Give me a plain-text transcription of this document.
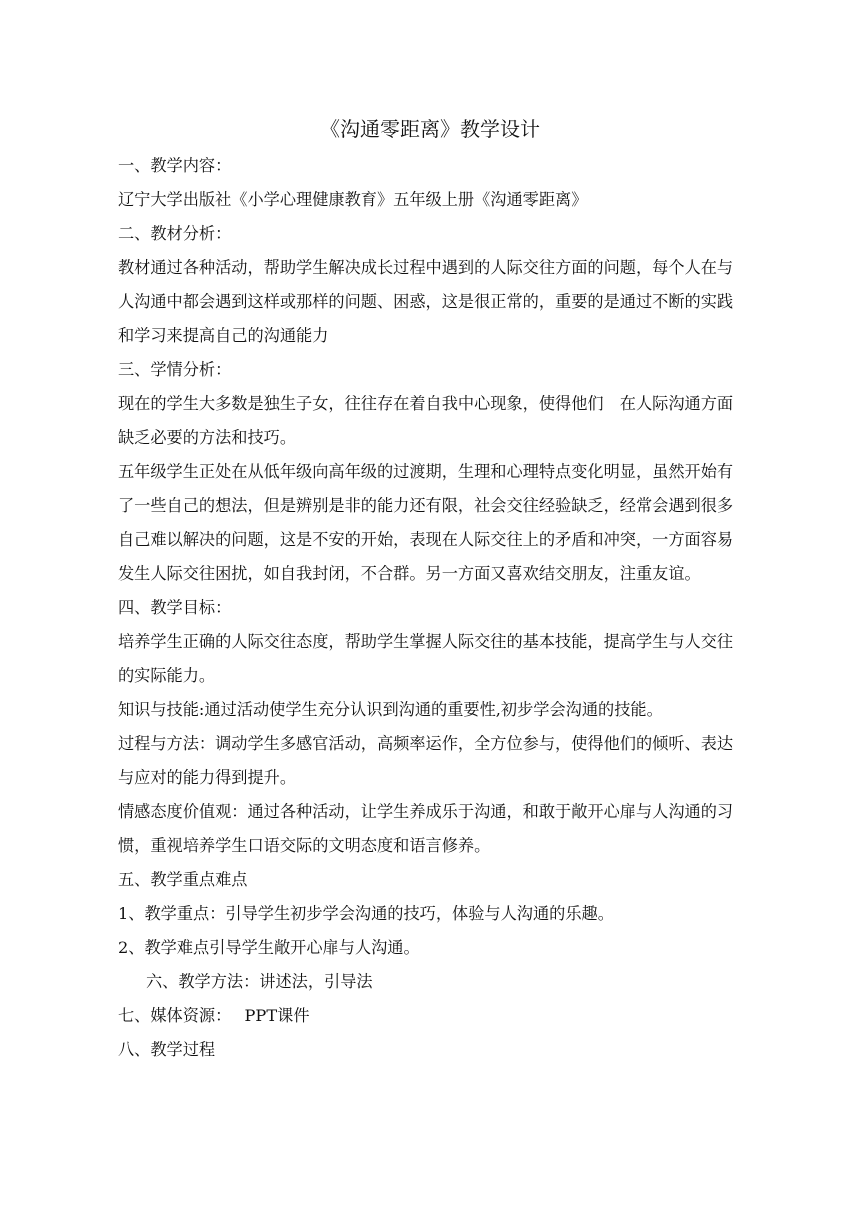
《沟通零距离》教学设计

一、教学内容：

辽宁大学出版社《小学心理健康教育》五年级上册《沟通零距离》

二、教材分析：

教材通过各种活动，帮助学生解决成长过程中遇到的人际交往方面的问题，每个人在与人沟通中都会遇到这样或那样的问题、困惑，这是很正常的，重要的是通过不断的实践和学习来提高自己的沟通能力

三、学情分析：

现在的学生大多数是独生子女，往往存在着自我中心现象，使得他们　在人际沟通方面缺乏必要的方法和技巧。

五年级学生正处在从低年级向高年级的过渡期，生理和心理特点变化明显，虽然开始有了一些自己的想法，但是辨别是非的能力还有限，社会交往经验缺乏，经常会遇到很多自己难以解决的问题，这是不安的开始，表现在人际交往上的矛盾和冲突，一方面容易发生人际交往困扰，如自我封闭，不合群。另一方面又喜欢结交朋友，注重友谊。

四、教学目标：

培养学生正确的人际交往态度，帮助学生掌握人际交往的基本技能，提高学生与人交往的实际能力。

知识与技能:通过活动使学生充分认识到沟通的重要性,初步学会沟通的技能。

过程与方法：调动学生多感官活动，高频率运作，全方位参与，使得他们的倾听、表达与应对的能力得到提升。

情感态度价值观：通过各种活动，让学生养成乐于沟通，和敢于敞开心扉与人沟通的习惯，重视培养学生口语交际的文明态度和语言修养。

五、教学重点难点

1、教学重点：引导学生初步学会沟通的技巧，体验与人沟通的乐趣。

2、教学难点引导学生敞开心扉与人沟通。

六、教学方法：讲述法，引导法

七、媒体资源：　 PPT课件

八、教学过程
